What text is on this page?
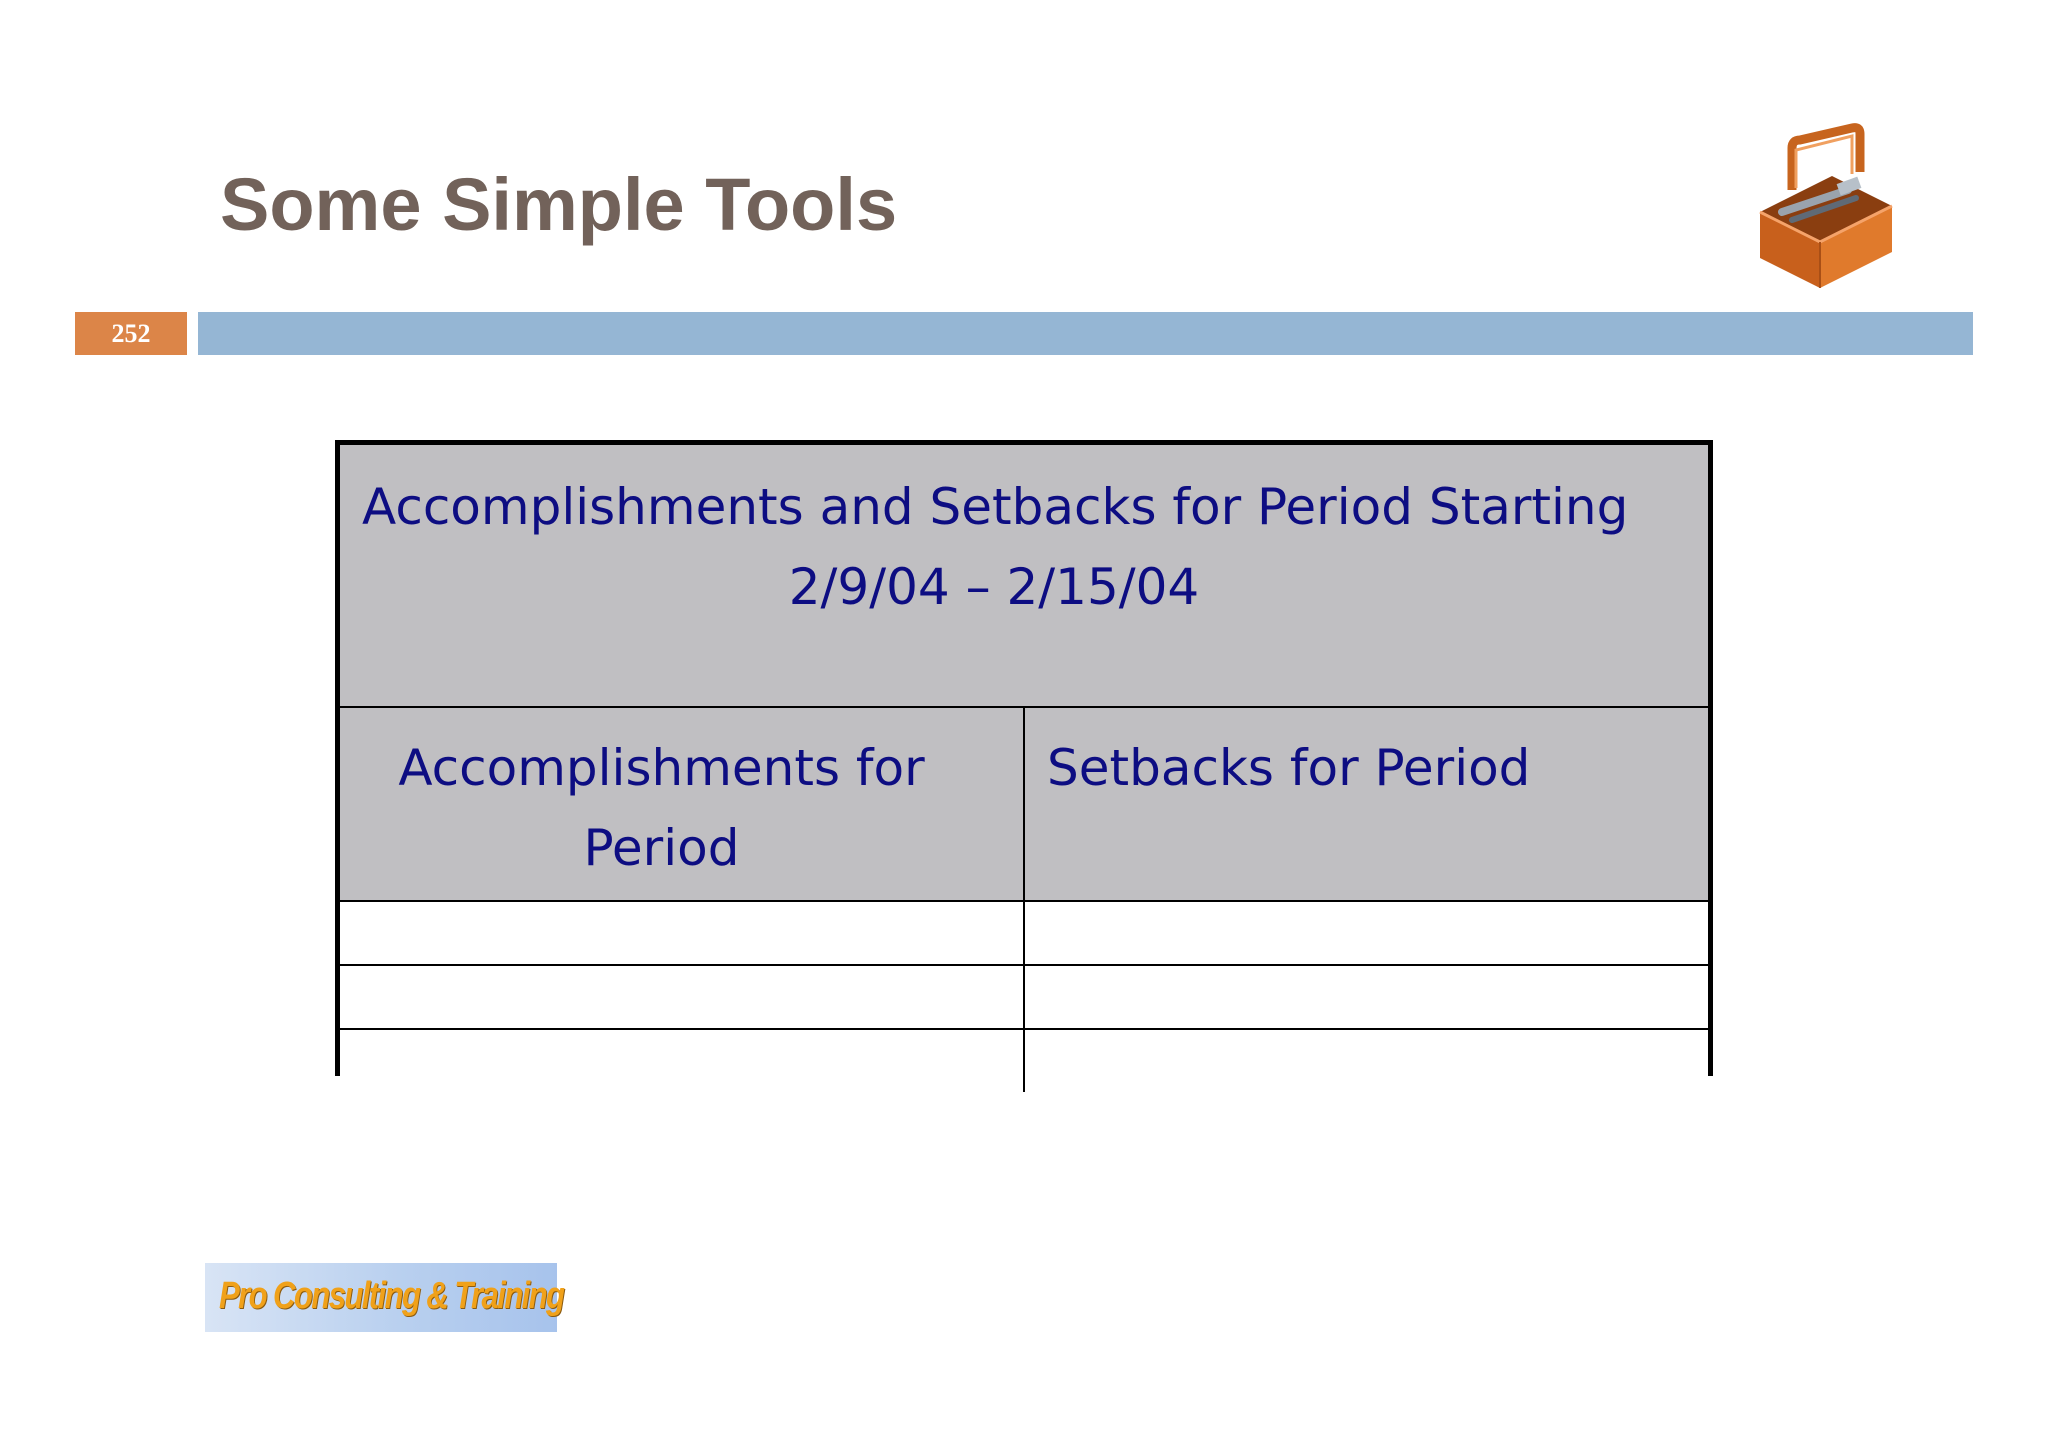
Some Simple Tools
252
Accomplishments and Setbacks for Period Starting
2/9/04 – 2/15/04	

Accomplishments for Period	Setbacks for Period

Pro Consulting & Training
